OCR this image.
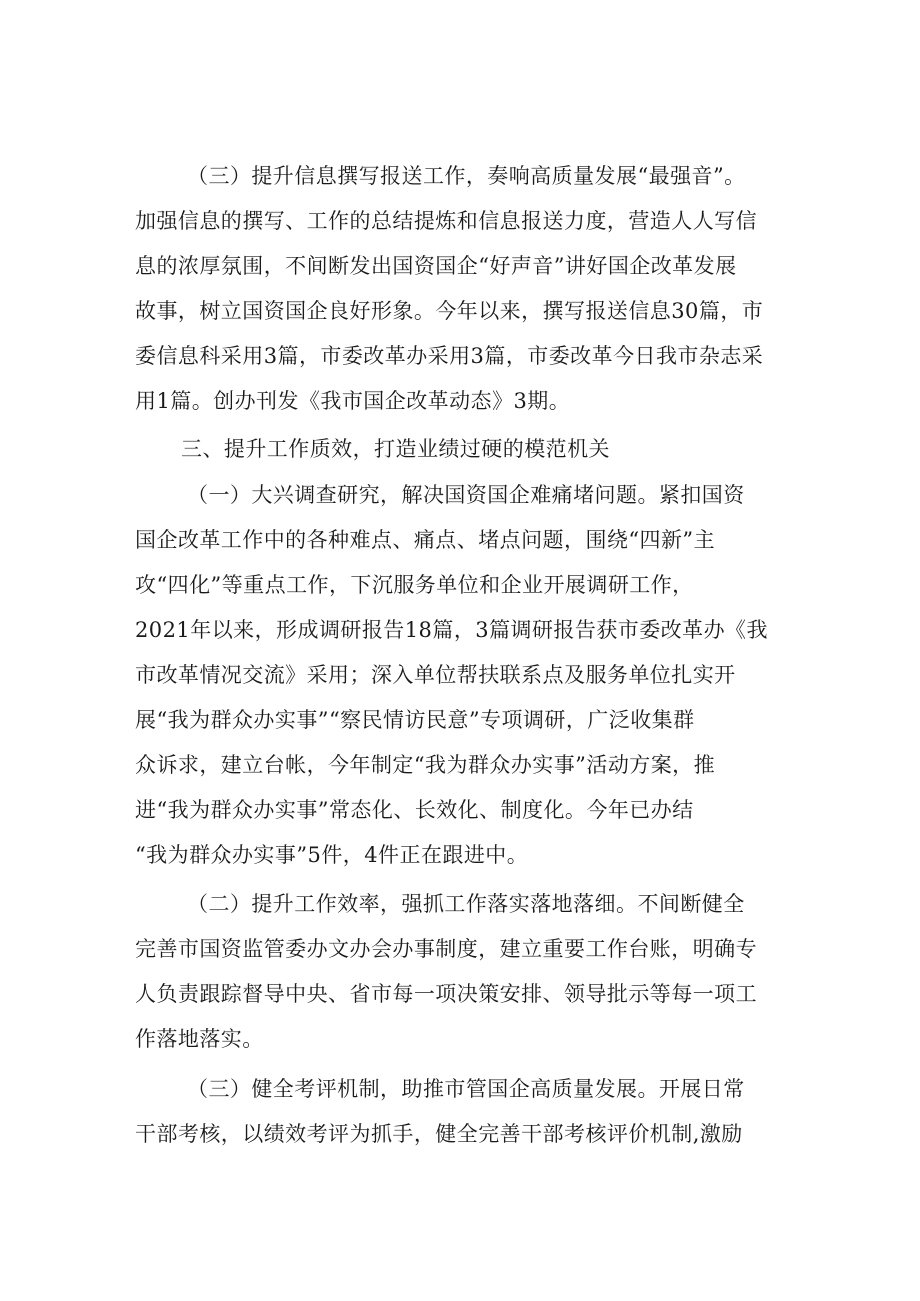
（三）提升信息撰写报送工作，奏响高质量发展“最强音”。
加强信息的撰写、工作的总结提炼和信息报送力度，营造人人写信
息的浓厚氛围，不间断发出国资国企“好声音”讲好国企改革发展
故事，树立国资国企良好形象。今年以来，撰写报送信息30篇，市
委信息科采用3篇，市委改革办采用3篇，市委改革今日我市杂志采
用1篇。创办刊发《我市国企改革动态》3期。
三、提升工作质效，打造业绩过硬的模范机关
（一）大兴调查研究，解决国资国企难痛堵问题。紧扣国资
国企改革工作中的各种难点、痛点、堵点问题，围绕“四新”主
攻“四化”等重点工作，下沉服务单位和企业开展调研工作，
2021年以来，形成调研报告18篇，3篇调研报告获市委改革办《我
市改革情况交流》采用；深入单位帮扶联系点及服务单位扎实开
展“我为群众办实事”“察民情访民意”专项调研，广泛收集群
众诉求，建立台帐，今年制定“我为群众办实事”活动方案，推
进“我为群众办实事”常态化、长效化、制度化。今年已办结
“我为群众办实事”5件，4件正在跟进中。
（二）提升工作效率，强抓工作落实落地落细。不间断健全
完善市国资监管委办文办会办事制度，建立重要工作台账，明确专
人负责跟踪督导中央、省市每一项决策安排、领导批示等每一项工
作落地落实。
（三）健全考评机制，助推市管国企高质量发展。开展日常
干部考核，以绩效考评为抓手，健全完善干部考核评价机制,激励
